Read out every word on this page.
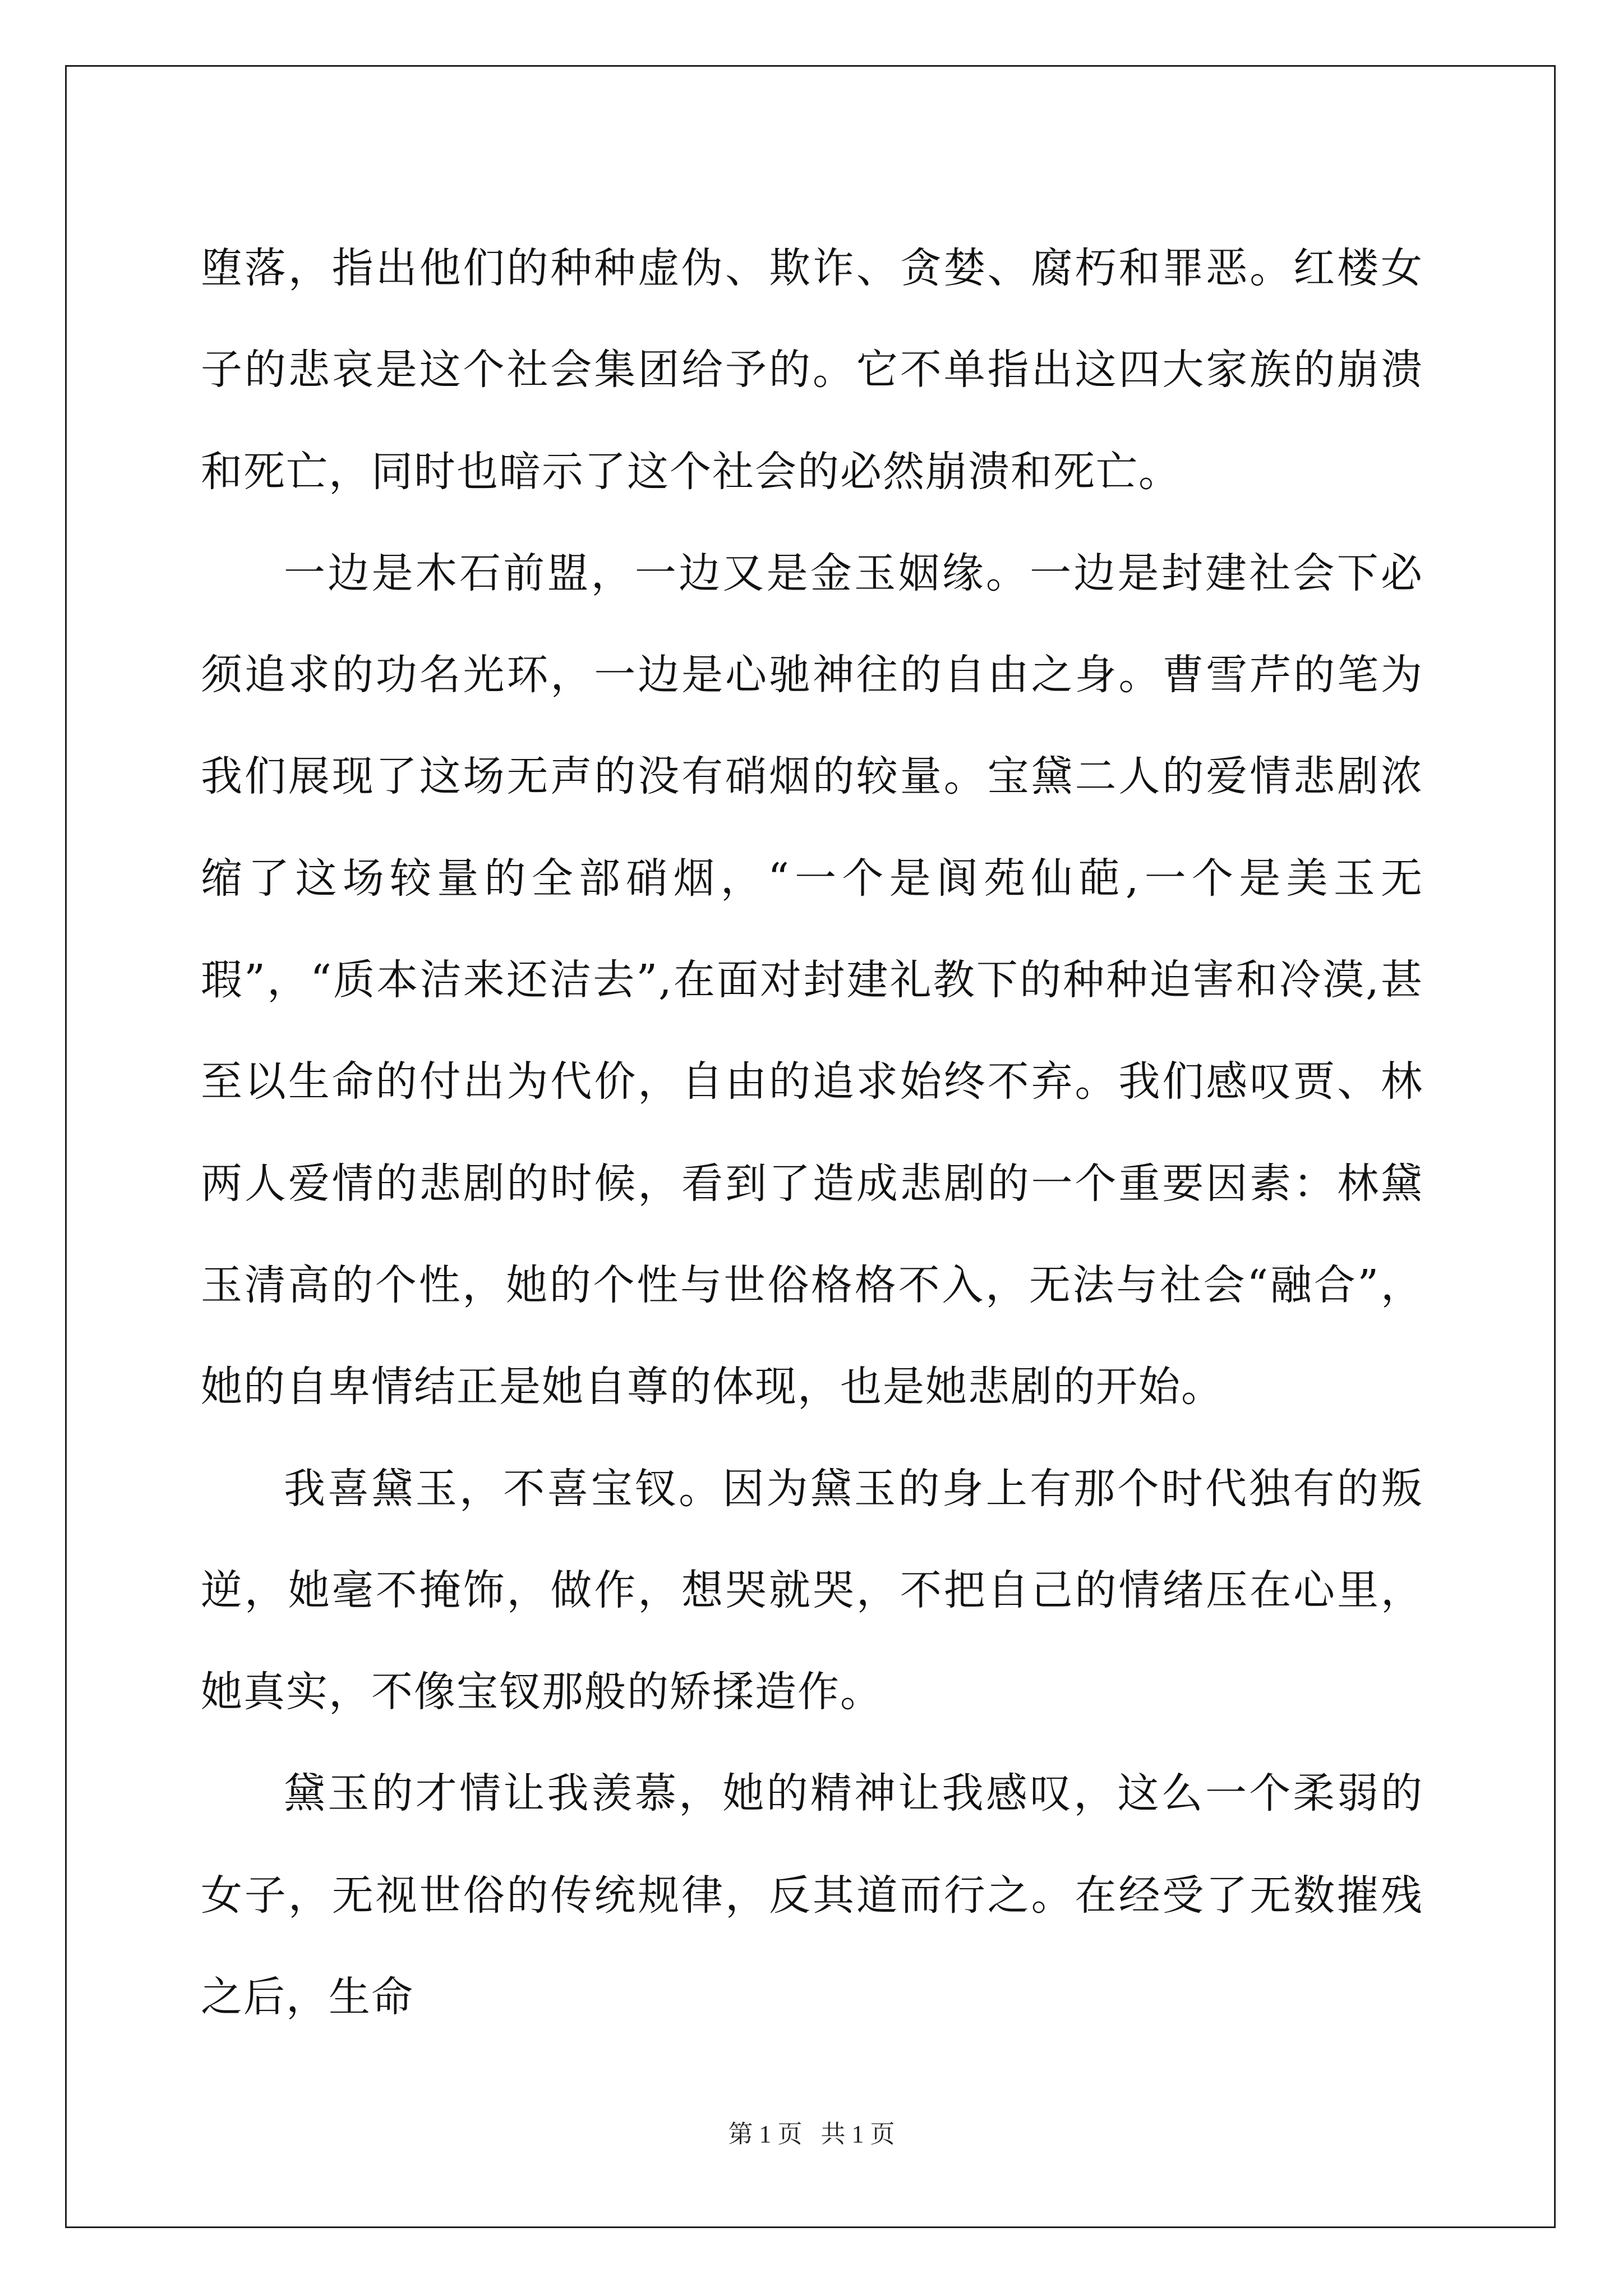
堕落，指出他们的种种虚伪、欺诈、贪婪、腐朽和罪恶。红楼女子的悲哀是这个社会集团给予的。它不单指出这四大家族的崩溃和死亡，同时也暗示了这个社会的必然崩溃和死亡。

一边是木石前盟，一边又是金玉姻缘。一边是封建社会下必须追求的功名光环，一边是心驰神往的自由之身。曹雪芹的笔为我们展现了这场无声的没有硝烟的较量。宝黛二人的爱情悲剧浓缩了这场较量的全部硝烟，“一个是阆苑仙葩,一个是美玉无瑕”，“质本洁来还洁去”,在面对封建礼教下的种种迫害和冷漠,甚至以生命的付出为代价，自由的追求始终不弃。我们感叹贾、林两人爱情的悲剧的时候，看到了造成悲剧的一个重要因素：林黛玉清高的个性，她的个性与世俗格格不入，无法与社会“融合”，她的自卑情结正是她自尊的体现，也是她悲剧的开始。

我喜黛玉，不喜宝钗。因为黛玉的身上有那个时代独有的叛逆，她毫不掩饰，做作，想哭就哭，不把自己的情绪压在心里，她真实，不像宝钗那般的矫揉造作。

黛玉的才情让我羡慕，她的精神让我感叹，这么一个柔弱的女子，无视世俗的传统规律，反其道而行之。在经受了无数摧残之后，生命

第 1 页   共 1 页
